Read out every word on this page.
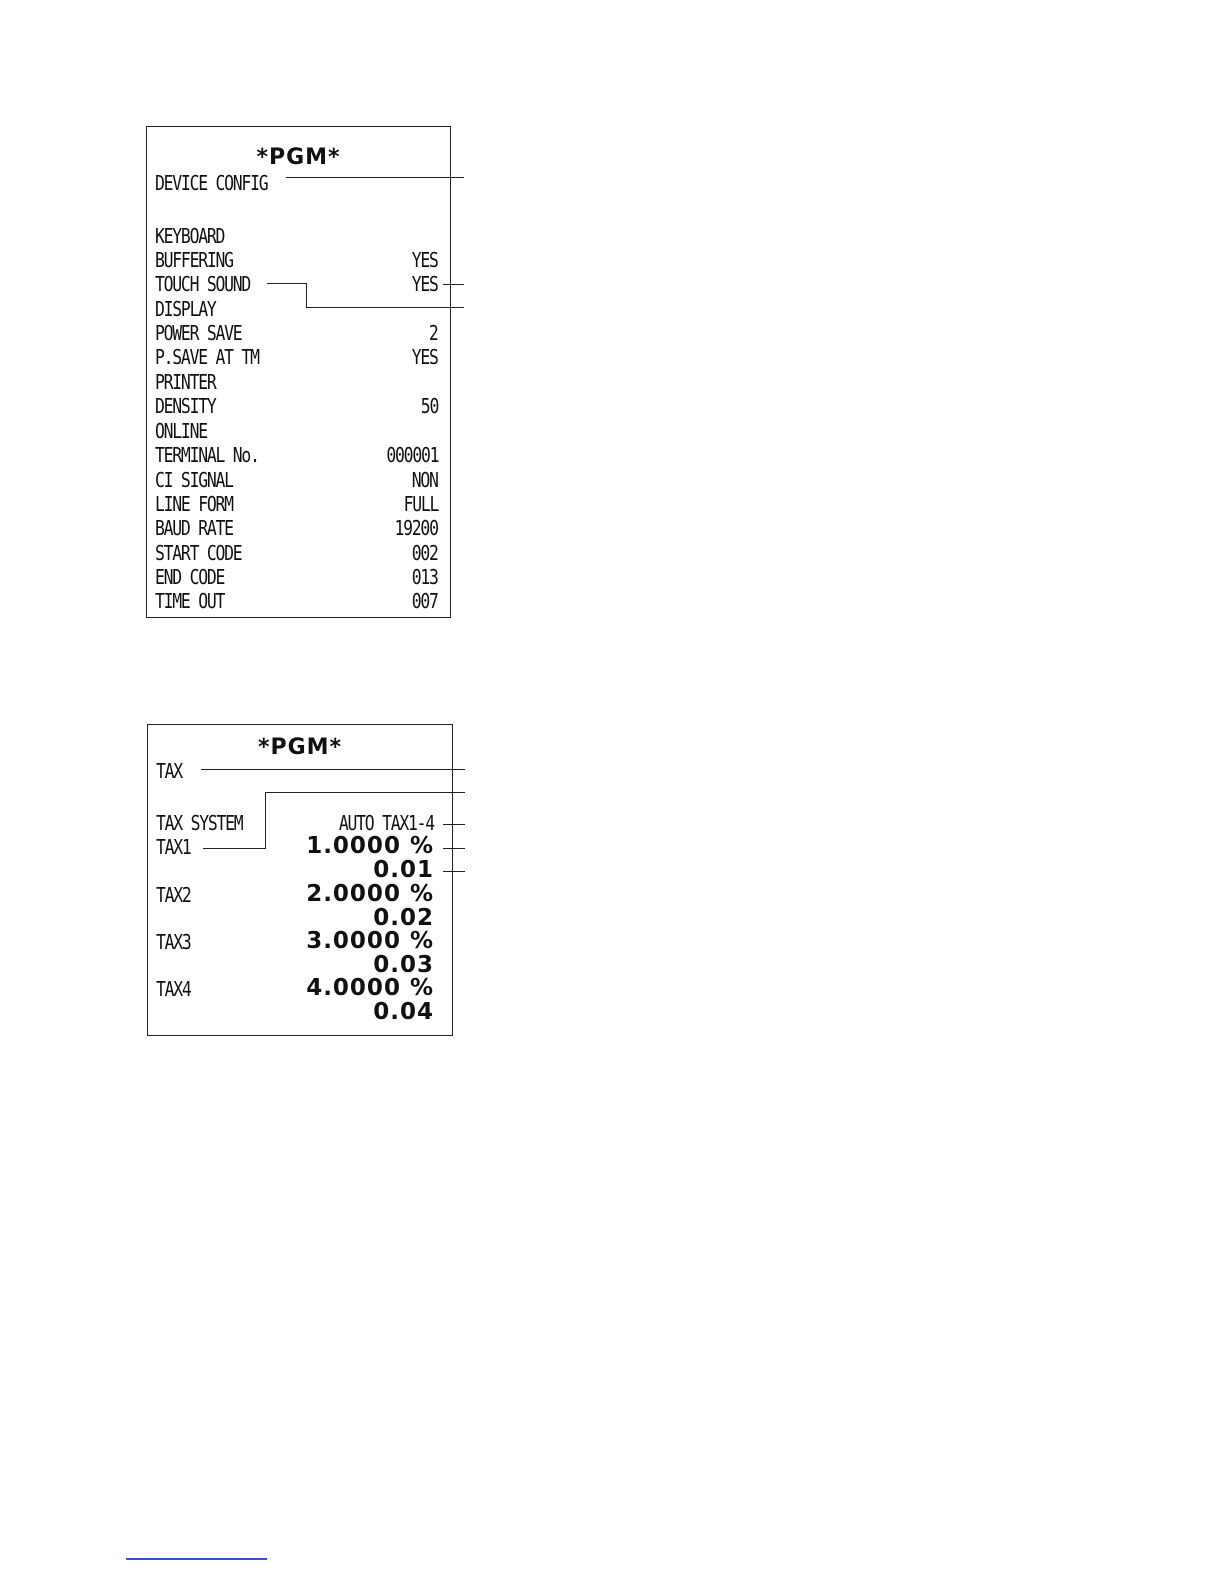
*PGM*
DEVICE CONFIG
KEYBOARD
BUFFERING	YES
TOUCH SOUND	YES
DISPLAY
POWER SAVE	2
P.SAVE AT TM	YES
PRINTER
DENSITY	50
ONLINE
TERMINAL No.	000001
CI SIGNAL	NON
LINE FORM	FULL
BAUD RATE	19200
START CODE	002
END CODE	013
TIME OUT	007
*PGM*
TAX
TAX SYSTEM	AUTO TAX1-4
TAX1	1.0000 %
0.01
TAX2	2.0000 %
0.02
TAX3	3.0000 %
0.03
TAX4	4.0000 %
0.04
